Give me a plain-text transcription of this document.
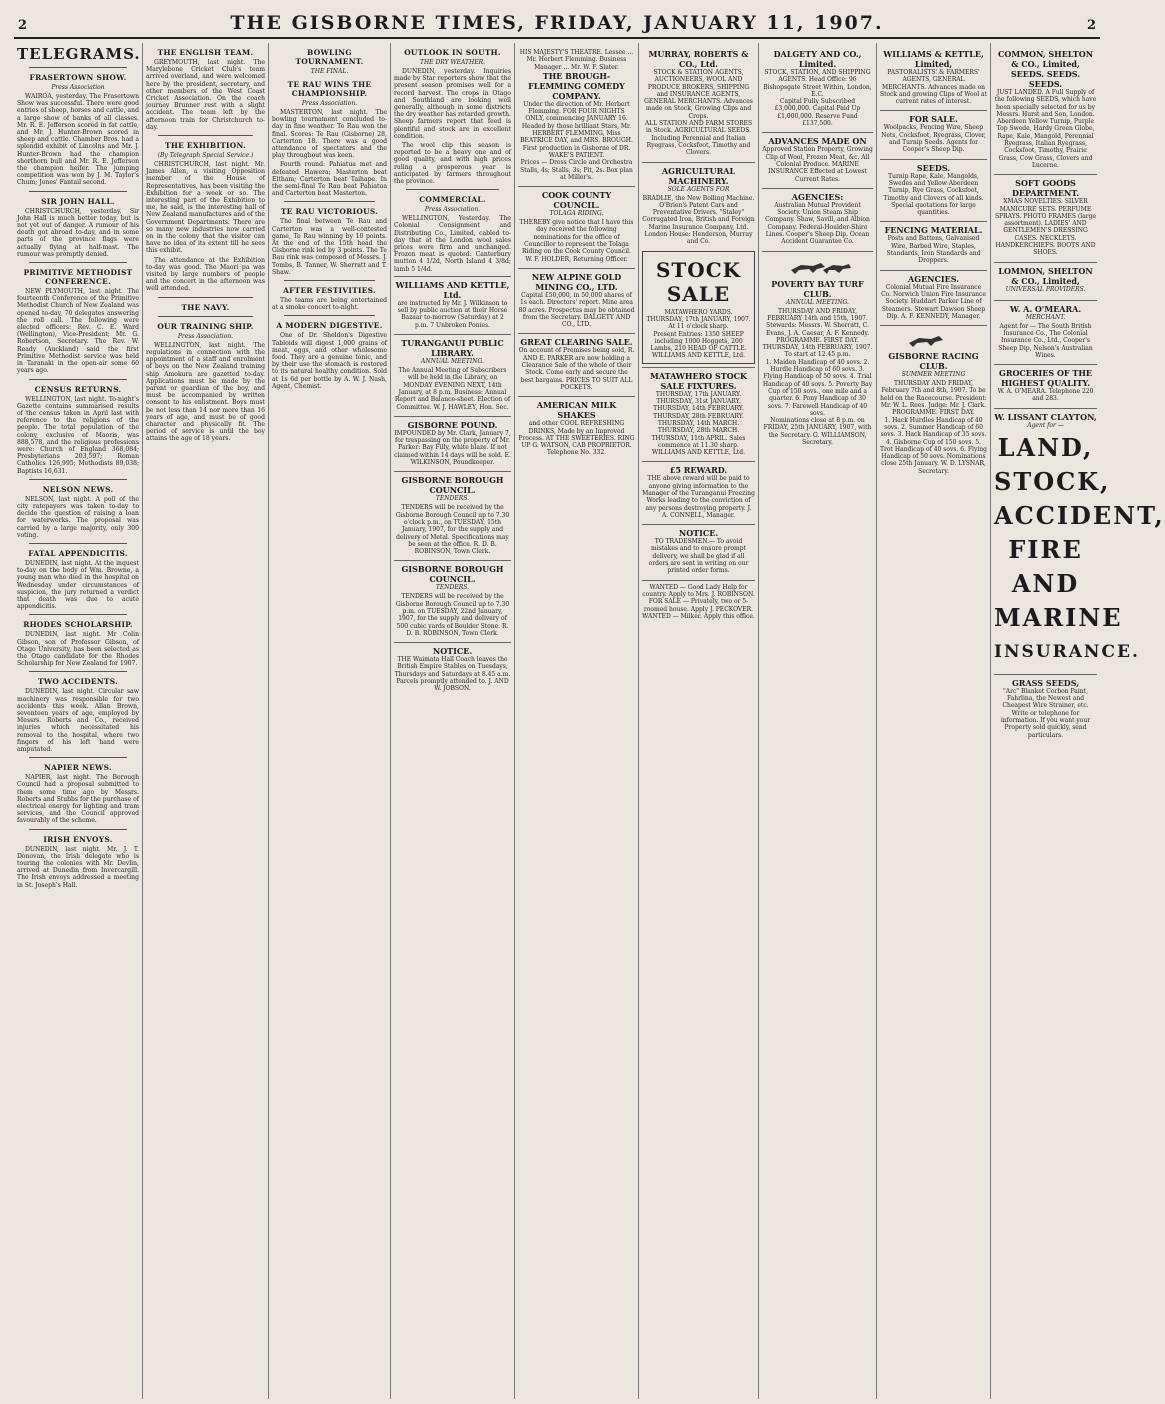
2	THE GISBORNE TIMES, FRIDAY, JANUARY 11, 1907.	2
TELEGRAMS.
FRASERTOWN SHOW.
Press Association

WAIROA, yesterday. The Frasertown Show was successful. There were good entries of sheep, horses and cattle, and a large show of banks of all classes. Mr. R. E. Jefferson scored in fat cattle, and Mr. J. Hunter-Brown scored in sheep and cattle. Chamber Bros. had a splendid exhibit of Lincolns and Mr. J. Hunter-Brown had the champion shorthorn bull and Mr. R. E. Jefferson the champion heifer. The jumping competition was won by J. M. Taylor's Chum; Jones' Fantail second.

SIR JOHN HALL.

CHRISTCHURCH, yesterday. Sir John Hall is much better today, but is not yet out of danger. A rumour of his death got abroad to-day, and in some parts of the province flags were actually flying at half-mast. The rumour was promptly denied.

PRIMITIVE METHODIST CONFERENCE.

NEW PLYMOUTH, last night. The fourteenth Conference of the Primitive Methodist Church of New Zealand was opened to-day, 70 delegates answering the roll call. The following were elected officers: Rev. C. E. Ward (Wellington), Vice-President; Mr. G. Robertson, Secretary. The Rev. W. Ready (Auckland) said the first Primitive Methodist service was held in Taranaki in the open-air some 60 years ago.

CENSUS RETURNS.

WELLINGTON, last night. To-night's Gazette contains summarised results of the census taken in April last with reference to the religions of the people. The total population of the colony, exclusive of Maoris, was 888,578, and the religious professions were: Church of England 368,084; Presbyterians 203,597; Roman Catholics 126,995; Methodists 89,038; Baptists 16,631.

NELSON NEWS.

NELSON, last night. A poll of the city ratepayers was taken to-day to decide the question of raising a loan for waterworks. The proposal was carried by a large majority, only 300 voting.

FATAL APPENDICITIS.

DUNEDIN, last night. At the inquest to-day on the body of Wm. Browne, a young man who died in the hospital on Wednesday under circumstances of suspicion, the jury returned a verdict that death was due to acute appendicitis.

RHODES SCHOLARSHIP.

DUNEDIN, last night. Mr Colin Gibson, son of Professor Gibson, of Otago University, has been selected as the Otago candidate for the Rhodes Scholarship for New Zealand for 1907.

TWO ACCIDENTS.

DUNEDIN, last night. Circular saw machinery was responsible for two accidents this week. Allan Brown, seventeen years of age, employed by Messrs. Roberts and Co., received injuries which necessitated his removal to the hospital, where two fingers of his left hand were amputated.

NAPIER NEWS.

NAPIER, last night. The Borough Council had a proposal submitted to them some time ago by Messrs. Roberts and Stubbs for the purchase of electrical energy for lighting and tram services, and the Council approved favourably of the scheme.

IRISH ENVOYS.

DUNEDIN, last night. Mr. J. T. Donovan, the Irish delegate who is touring the colonies with Mr. Devlin, arrived at Dunedin from Invercargill. The Irish envoys addressed a meeting in St. Joseph's Hall.

THE ENGLISH TEAM.

GREYMOUTH, last night. The Marylebone Cricket Club's team arrived overland, and were welcomed here by the president, secretary, and other members of the West Coast Cricket Association. On the coach journey Brunner rest with a slight accident. The team left by the afternoon train for Christchurch to-day.

THE EXHIBITION.
(By Telegraph Special Service.)

CHRISTCHURCH, last night. Mr. James Allen, a visiting Opposition member of the House of Representatives, has been visiting the Exhibition for a week or so. The interesting part of the Exhibition to me, he said, is the interesting hall of New Zealand manufactures and of the Government Departments. There are so many new industries now carried on in the colony that the visitor can have no idea of its extent till he sees this exhibit.

The attendance at the Exhibition to-day was good. The Maori pa was visited by large numbers of people and the concert in the afternoon was well attended.

THE NAVY.
OUR TRAINING SHIP.
Press Association.

WELLINGTON, last night. The regulations in connection with the appointment of a staff and enrolment of boys on the New Zealand training ship Amokura are gazetted to-day. Applications must be made by the parent or guardian of the boy, and must be accompanied by written consent to his enlistment. Boys must be not less than 14 nor more than 16 years of age, and must be of good character and physically fit. The period of service is until the boy attains the age of 18 years.

BOWLING TOURNAMENT.
THE FINAL.
TE RAU WINS THE CHAMPIONSHIP.
Press Association.

MASTERTON, last night. The bowling tournament concluded to-day in fine weather. Te Rau won the final. Scores: Te Rau (Gisborne) 28, Carterton 18. There was a good attendance of spectators and the play throughout was keen.

Fourth round: Pahiatua met and defeated Hawera; Masterton beat Eltham; Carterton beat Taihape. In the semi-final Te Rau beat Pahiatua and Carterton beat Masterton.

TE RAU VICTORIOUS.

The final between Te Rau and Carterton was a well-contested game, Te Rau winning by 10 points. At the end of the 15th head the Gisborne rink led by 3 points. The Te Rau rink was composed of Messrs. J. Tombs, B. Tanner, W. Sherratt and T. Shaw.

AFTER FESTIVITIES.

The teams are being entertained at a smoke concert to-night.

A MODERN DIGESTIVE.

One of Dr. Sheldon's Digestive Tabloids will digest 1,000 grains of meat, eggs, and other wholesome food. They are a genuine tonic, and by their use the stomach is restored to its natural healthy condition. Sold at 1s 6d per bottle by A. W. J. Nash, Agent, Chemist.

OUTLOOK IN SOUTH.
THE DRY WEATHER.

DUNEDIN, yesterday. Inquiries made by Star reporters show that the present season promises well for a record harvest. The crops in Otago and Southland are looking well generally, although in some districts the dry weather has retarded growth. Sheep farmers report that feed is plentiful and stock are in excellent condition.

The wool clip this season is reported to be a heavy one and of good quality, and with high prices ruling a prosperous year is anticipated by farmers throughout the province.

COMMERCIAL.
Press Association.

WELLINGTON, Yesterday. The Colonial Consignment and Distributing Co., Limited, cabled to-day that at the London wool sales prices were firm and unchanged. Frozen meat is quoted: Canterbury mutton 4 1/2d, North Island 4 3/8d; lamb 5 1/4d.

WILLIAMS AND KETTLE, Ltd.
are instructed by Mr. J. Wilkinson to sell by public auction at their Horse Bazaar to-morrow (Saturday) at 2 p.m. 7 Unbroken Ponies.
TURANGANUI PUBLIC LIBRARY.
ANNUAL MEETING.
The Annual Meeting of Subscribers will be held in the Library, on MONDAY EVENING NEXT, 14th January, at 8 p.m. Business: Annual Report and Balance-sheet. Election of Committee. W. J. HAWLEY, Hon. Sec.
GISBORNE POUND.
IMPOUNDED by Mr. Clark, January 7, for trespassing on the property of Mr. Parker: Bay Filly, white blaze. If not claimed within 14 days will be sold. E. WILKINSON, Poundkeeper.
GISBORNE BOROUGH COUNCIL.
TENDERS.
TENDERS will be received by the Gisborne Borough Council up to 7.30 o'clock p.m., on TUESDAY, 15th January, 1907, for the supply and delivery of Metal. Specifications may be seen at the office. R. D. B. ROBINSON, Town Clerk.
GISBORNE BOROUGH COUNCIL.
TENDERS.
TENDERS will be received by the Gisborne Borough Council up to 7.30 p.m. on TUESDAY, 22nd January, 1907, for the supply and delivery of 500 cubic yards of Boulder Stone. R. D. B. ROBINSON, Town Clerk.
NOTICE.
THE Waimata Hall Coach leaves the British Empire Stables on Tuesdays, Thursdays and Saturdays at 8.45 a.m. Parcels promptly attended to. J. AND W. JOBSON.
HIS MAJESTY'S THEATRE. Lessee ... Mr. Herbert Flemming. Business Manager ... Mr. W. F. Slater.
THE BROUGH-FLEMMING COMEDY COMPANY.
Under the direction of Mr. Herbert Flemming. FOR FOUR NIGHTS ONLY, commencing JANUARY 16. Headed by those brilliant Stars, Mr. HERBERT FLEMMING, Miss BEATRICE DAY, and MRS. BROUGH. First production in Gisborne of DR. WAKE'S PATIENT.
Prices — Dress Circle and Orchestra Stalls, 4s; Stalls, 3s; Pit, 2s. Box plan at Miller's.
COOK COUNTY COUNCIL.
TOLAGA RIDING.
THEREBY give notice that I have this day received the following nominations for the office of Councillor to represent the Tolaga Riding on the Cook County Council. W. F. HOLDER, Returning Officer.
NEW ALPINE GOLD MINING CO., LTD.
Capital £50,000, in 50,000 shares of 1s each. Directors' report. Mine area 80 acres. Prospectus may be obtained from the Secretary. DALGETY AND CO., LTD.
GREAT CLEARING SALE.
On account of Premises being sold, R. AND E. PARKER are now holding a Clearance Sale of the whole of their Stock. Come early and secure the best bargains. PRICES TO SUIT ALL POCKETS.
AMERICAN MILK SHAKES
and other COOL REFRESHING DRINKS, Made by an Improved Process. AT THE SWEETERIES. RING UP G. WATSON, CAB PROPRIETOR. Telephone No. 332.
MURRAY, ROBERTS & CO., Ltd.
STOCK & STATION AGENTS, AUCTIONEERS, WOOL AND PRODUCE BROKERS, SHIPPING and INSURANCE AGENTS, GENERAL MERCHANTS. Advances made on Stock, Growing Clips and Crops.
ALL STATION AND FARM STORES in Stock. AGRICULTURAL SEEDS. Including Perennial and Italian Ryegrass, Cocksfoot, Timothy and Clovers.
AGRICULTURAL MACHINERY.
SOLE AGENTS FOR
BRADLIE, the New Bolling Machine. O'Brien's Patent Cars and Preventative Drivers. "Staley" Corrugated Iron, British and Foreign Marine Insurance Company, Ltd. London House: Henderson, Murray and Co.
STOCK SALE
MATAWHERO YARDS. THURSDAY, 17th JANUARY, 1907. At 11 o'clock sharp.
Present Entries: 1350 SHEEP including 1000 Hoggets, 200 Lambs, 210 HEAD OF CATTLE. WILLIAMS AND KETTLE, Ltd.
MATAWHERO STOCK SALE FIXTURES.
THURSDAY, 17th JANUARY. THURSDAY, 31st JANUARY. THURSDAY, 14th FEBRUARY. THURSDAY, 28th FEBRUARY. THURSDAY, 14th MARCH. THURSDAY, 28th MARCH. THURSDAY, 11th APRIL. Sales commence at 11.30 sharp. WILLIAMS AND KETTLE, Ltd.
£5 REWARD.
THE above reward will be paid to anyone giving information to the Manager of the Turanganui Freezing Works leading to the conviction of any persons destroying property. J. A. CONNELL, Manager.
NOTICE.
TO TRADESMEN.— To avoid mistakes and to ensure prompt delivery, we shall be glad if all orders are sent in writing on our printed order forms.
WANTED — Good Lady Help for country. Apply to Mrs. J. ROBINSON. FOR SALE — Privately, two or 5-roomed house. Apply J. PECKOVER. WANTED — Milker. Apply this office.
DALGETY AND CO., Limited.
STOCK, STATION, AND SHIPPING AGENTS. Head Office: 96 Bishopsgate Street Within, London, E.C.
Capital Fully Subscribed £3,000,000. Capital Paid Up £1,000,000. Reserve Fund £137,500.
ADVANCES MADE ON
Approved Station Property, Growing Clip of Wool, Frozen Meat, &c. All Colonial Produce. MARINE INSURANCE Effected at Lowest Current Rates.
AGENCIES:
Australian Mutual Provident Society. Union Steam Ship Company. Shaw, Savill, and Albion Company. Federal-Houlder-Shire Lines. Cooper's Sheep Dip. Ocean Accident Guarantee Co.
POVERTY BAY TURF CLUB.
ANNUAL MEETING.
THURSDAY AND FRIDAY, FEBRUARY 14th and 15th, 1907. Stewards: Messrs. W. Sherratt, C. Evans, J. A. Caesar, A. F. Kennedy. PROGRAMME. FIRST DAY. THURSDAY, 14th FEBRUARY, 1907. To start at 12.45 p.m.
1. Maiden Handicap of 40 sovs. 2. Hurdle Handicap of 60 sovs. 3. Flying Handicap of 50 sovs. 4. Trial Handicap of 40 sovs. 5. Poverty Bay Cup of 150 sovs., one mile and a quarter. 6. Pony Handicap of 30 sovs. 7. Farewell Handicap of 40 sovs.
Nominations close at 8 p.m. on FRIDAY, 25th JANUARY, 1907, with the Secretary. G. WILLIAMSON, Secretary.
WILLIAMS & KETTLE, Limited,
PASTORALISTS' & FARMERS' AGENTS, GENERAL MERCHANTS. Advances made on Stock and growing Clips of Wool at current rates of interest.
FOR SALE.
Woolpacks, Fencing Wire, Sheep Nets, Cocksfoot, Ryegrass, Clover, and Turnip Seeds. Agents for Cooper's Sheep Dip.
SEEDS.
Turnip Rape, Kale, Mangolds, Swedes and Yellow Aberdeen Turnip, Rye Grass, Cocksfoot, Timothy and Clovers of all kinds. Special quotations for large quantities.
FENCING MATERIAL.
Posts and Battens, Galvanised Wire, Barbed Wire, Staples, Standards, Iron Standards and Droppers.
AGENCIES.
Colonial Mutual Fire Insurance Co. Norwich Union Fire Insurance Society. Huddart Parker Line of Steamers. Stewart Dawson Sheep Dip. A. F. KENNEDY, Manager.
GISBORNE RACING CLUB.
SUMMER MEETING
THURSDAY AND FRIDAY, February 7th and 8th, 1907. To be held on the Racecourse. President: Mr. W. L. Rees. Judge: Mr. J. Clark. PROGRAMME. FIRST DAY.
1. Hack Hurdles Handicap of 40 sovs. 2. Summer Handicap of 60 sovs. 3. Hack Handicap of 35 sovs. 4. Gisborne Cup of 150 sovs. 5. Trot Handicap of 40 sovs. 6. Flying Handicap of 50 sovs. Nominations close 25th January. W. D. LYSNAR, Secretary.
COMMON, SHELTON & CO., Limited,
SEEDS. SEEDS. SEEDS.
JUST LANDED. A Full Supply of the following SEEDS, which have been specially selected for us by Messrs. Hurst and Son, London.
Aberdeen Yellow Turnip, Purple Top Swede, Hardy Green Globe, Rape, Kale, Mangold, Perennial Ryegrass, Italian Ryegrass, Cocksfoot, Timothy, Prairie Grass, Cow Grass, Clovers and Lucerne.
SOFT GOODS DEPARTMENT.
XMAS NOVELTIES. SILVER MANICURE SETS. PERFUME SPRAYS. PHOTO FRAMES (large assortment). LADIES' AND GENTLEMEN'S DRESSING CASES. NECKLETS. HANDKERCHIEFS. BOOTS AND SHOES.
LOMMON, SHELTON & CO., Limited,
UNIVERSAL PROVIDERS.
W. A. O'MEARA.
MERCHANT.
Agent for — The South British Insurance Co., The Colonial Insurance Co., Ltd., Cooper's Sheep Dip, Nelson's Australian Wines.
GROCERIES OF THE HIGHEST QUALITY.
W. A. O'MEARA. Telephone 220 and 283.
W. LISSANT CLAYTON,
Agent for —
LAND,
STOCK,
ACCIDENT,
FIRE AND
MARINE
INSURANCE.
GRASS SEEDS,
"Arc" Blanket Corbon Paint, Fahrlina, the Newest and Cheapest Wire Strainer, etc. Write or telephone for information. If you want your Property sold quickly, send particulars.
